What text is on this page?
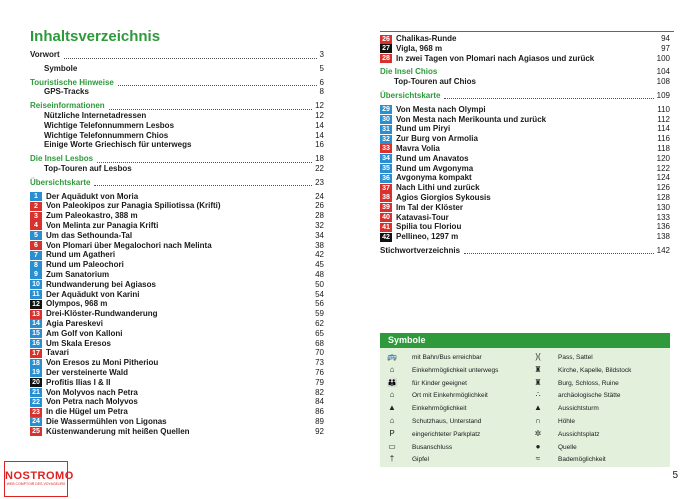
Inhaltsverzeichnis
Vorwort	3
Symbole	5
Touristische Hinweise	6
GPS-Tracks	8
Reiseinformationen	12
Nützliche Internetadressen	12
Wichtige Telefonnummern Lesbos	14
Wichtige Telefonnummern Chios	14
Einige Worte Griechisch für unterwegs	16
Die Insel Lesbos	18
Top-Touren auf Lesbos	22
Übersichtskarte	23
1	Der Aquädukt von Moria	24
2	Von Paleokipos zur Panagia Spiliotissa (Krifti)	26
3	Zum Paleokastro, 388 m	28
4	Von Melinta zur Panagia Krifti	32
5	Um das Sethounda-Tal	34
6	Von Plomari über Megalochori nach Melinta	38
7	Rund um Agatheri	42
8	Rund um Paleochori	45
9	Zum Sanatorium	48
10 Rundwanderung bei Agiasos	50
11 Der Aquädukt von Karini	54
12 Olympos, 968 m	56
13 Drei-Klöster-Rundwanderung	59
14 Agia Pareskevi	62
15 Am Golf von Kalloni	65
16 Um Skala Eresos	68
17 Tavari	70
18 Von Eresos zu Moni Pitheriou	73
19 Der versteinerte Wald	76
20 Profitis Ilias I & II	79
21 Von Molyvos nach Petra	82
22 Von Petra nach Molyvos	84
23 In die Hügel um Petra	86
24 Die Wassermühlen von Ligonas	89
25 Küstenwanderung mit heißen Quellen	92
26 Chalikas-Runde	94
27 Vigla, 968 m	97
28 In zwei Tagen von Plomari nach Agiasos und zurück	100
Die Insel Chios	104
Top-Touren auf Chios	108
Übersichtskarte	109
29 Von Mesta nach Olympi	110
30 Von Mesta nach Merikounta und zurück	112
31 Rund um Piryi	114
32 Zur Burg von Armolia	116
33 Mavra Volia	118
34 Rund um Anavatos	120
35 Rund um Avgonyma	122
36 Avgonyma kompakt	124
37 Nach Lithi und zurück	126
38 Agios Giorgios Sykousis	128
39 Im Tal der Klöster	130
40 Katavasi-Tour	133
41 Spilia tou Floriou	136
42 Pellineo, 1297 m	138
Stichwortverzeichnis	142
Symbole
🚌 mit Bahn/Bus erreichbar
⌂	Einkehrmöglichkeit unterwegs
👪 für Kinder geeignet
⌂	Ort mit Einkehrmöglichkeit
▲ Einkehrmöglichkeit
⌂	Schutzhaus, Unterstand
P	eingerichteter Parkplatz
▭ Busanschluss
†	Gipfel
)(	Pass, Sattel
♜	Kirche, Kapelle, Bildstock
♜	Burg, Schloss, Ruine
∴	archäologische Stätte
▲ Aussichtsturm
∩	Höhle
✲	Aussichtsplatz
●	Quelle
≈	Bademöglichkeit
5
NOSTROMO
WEB COMPTOIR DES VOYAGEURS
